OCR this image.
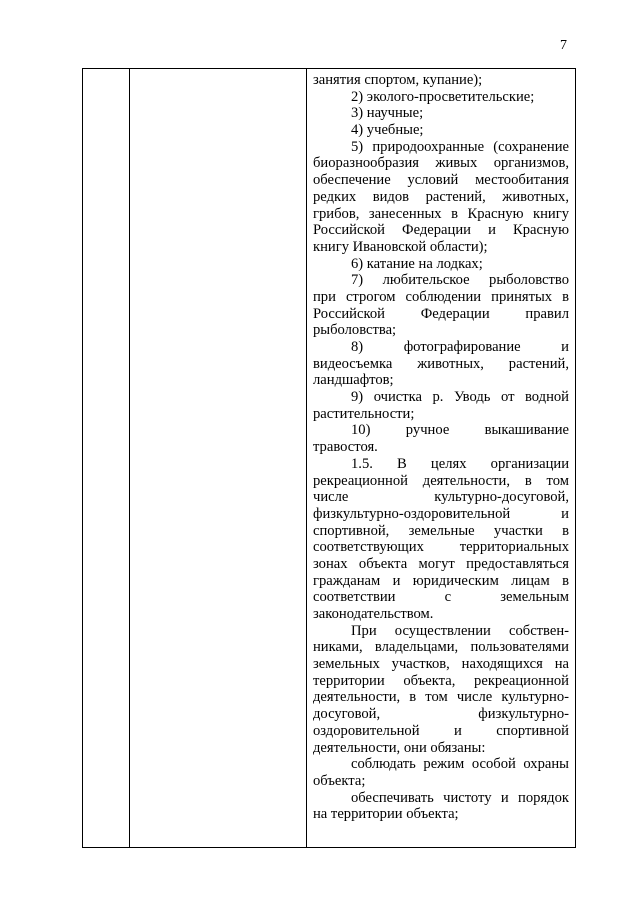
7
занятия спортом, купание);
2) эколого-просветительские;
3) научные;
4) учебные;
5) природоохранные (сохранение
биоразнообразия живых организмов,
обеспечение условий местообитания
редких видов растений, животных,
грибов, занесенных в Красную книгу
Российской Федерации и Красную
книгу Ивановской области);
6) катание на лодках;
7) любительское рыболовство
при строгом соблюдении принятых в
Российской Федерации правил
рыболовства;
8) фотографирование и
видеосъемка животных, растений,
ландшафтов;
9) очистка р. Уводь от водной
растительности;
10) ручное выкашивание
травостоя.
1.5. В целях организации
рекреационной деятельности, в том
числе культурно-досуговой,
физкультурно-оздоровительной и
спортивной, земельные участки в
соответствующих территориальных
зонах объекта могут предоставляться
гражданам и юридическим лицам в
соответствии с земельным
законодательством.
При осуществлении собствен-
никами, владельцами, пользователями
земельных участков, находящихся на
территории объекта, рекреационной
деятельности, в том числе культурно-
досуговой, физкультурно-
оздоровительной и спортивной
деятельности, они обязаны:
соблюдать режим особой охраны
объекта;
обеспечивать чистоту и порядок
на территории объекта;
